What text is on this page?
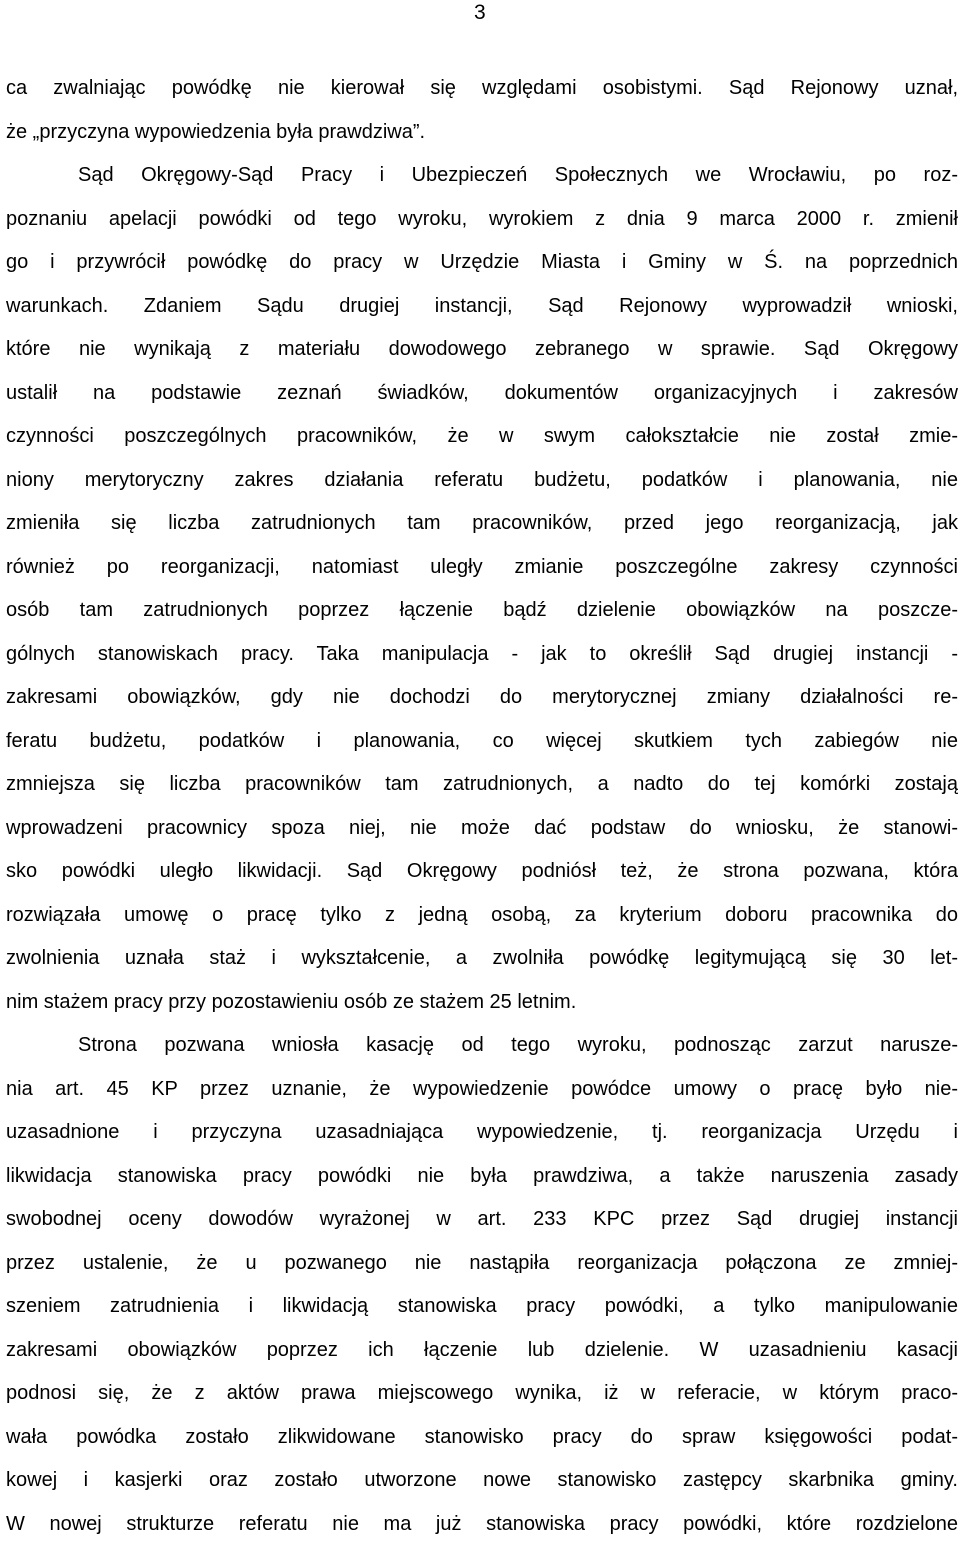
3
ca zwalniając powódkę nie kierował się względami osobistymi. Sąd Rejonowy uznał,
że „przyczyna wypowiedzenia była prawdziwa”.
Sąd Okręgowy-Sąd Pracy i Ubezpieczeń Społecznych we Wrocławiu, po roz-
poznaniu apelacji powódki od tego wyroku, wyrokiem z dnia 9 marca 2000 r. zmienił
go i przywrócił powódkę do pracy w Urzędzie Miasta i Gminy w Ś. na poprzednich
warunkach. Zdaniem Sądu drugiej instancji, Sąd Rejonowy wyprowadził wnioski,
które nie wynikają z materiału dowodowego zebranego w sprawie. Sąd Okręgowy
ustalił na podstawie zeznań świadków, dokumentów organizacyjnych i zakresów
czynności poszczególnych pracowników, że w swym całokształcie nie został zmie-
niony merytoryczny zakres działania referatu budżetu, podatków i planowania, nie
zmieniła się liczba zatrudnionych tam pracowników, przed jego reorganizacją, jak
również po reorganizacji, natomiast uległy zmianie poszczególne zakresy czynności
osób tam zatrudnionych poprzez łączenie bądź dzielenie obowiązków na poszcze-
gólnych stanowiskach pracy. Taka manipulacja - jak to określił Sąd drugiej instancji -
zakresami obowiązków, gdy nie dochodzi do merytorycznej zmiany działalności re-
feratu budżetu, podatków i planowania, co więcej skutkiem tych zabiegów nie
zmniejsza się liczba pracowników tam zatrudnionych, a nadto do tej komórki zostają
wprowadzeni pracownicy spoza niej, nie może dać podstaw do wniosku, że stanowi-
sko powódki uległo likwidacji. Sąd Okręgowy podniósł też, że strona pozwana, która
rozwiązała umowę o pracę tylko z jedną osobą, za kryterium doboru pracownika do
zwolnienia uznała staż i wykształcenie, a zwolniła powódkę legitymującą się 30 let-
nim stażem pracy przy pozostawieniu osób ze stażem 25 letnim.
Strona pozwana wniosła kasację od tego wyroku, podnosząc zarzut narusze-
nia art. 45 KP przez uznanie, że wypowiedzenie powódce umowy o pracę było nie-
uzasadnione i przyczyna uzasadniająca wypowiedzenie, tj. reorganizacja Urzędu i
likwidacja stanowiska pracy powódki nie była prawdziwa, a także naruszenia zasady
swobodnej oceny dowodów wyrażonej w art. 233 KPC przez Sąd drugiej instancji
przez ustalenie, że u pozwanego nie nastąpiła reorganizacja połączona ze zmniej-
szeniem zatrudnienia i likwidacją stanowiska pracy powódki, a tylko manipulowanie
zakresami obowiązków poprzez ich łączenie lub dzielenie. W uzasadnieniu kasacji
podnosi się, że z aktów prawa miejscowego wynika, iż w referacie, w którym praco-
wała powódka zostało zlikwidowane stanowisko pracy do spraw księgowości podat-
kowej i kasjerki oraz zostało utworzone nowe stanowisko zastępcy skarbnika gminy.
W nowej strukturze referatu nie ma już stanowiska pracy powódki, które rozdzielone
